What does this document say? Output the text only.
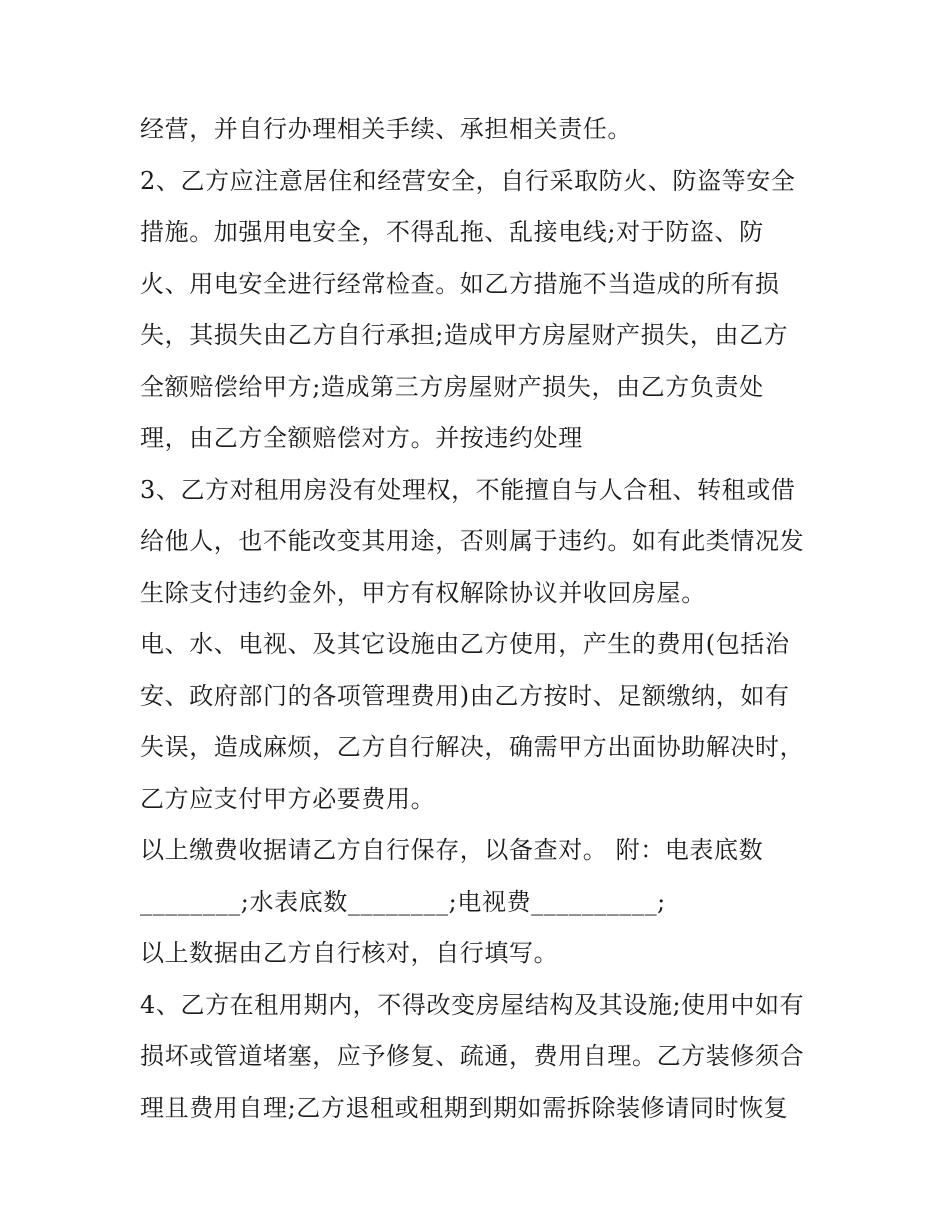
经营，并自行办理相关手续、承担相关责任。
2、乙方应注意居住和经营安全，自行采取防火、防盗等安全
措施。加强用电安全，不得乱拖、乱接电线;对于防盗、防
火、用电安全进行经常检查。如乙方措施不当造成的所有损
失，其损失由乙方自行承担;造成甲方房屋财产损失，由乙方
全额赔偿给甲方;造成第三方房屋财产损失，由乙方负责处
理，由乙方全额赔偿对方。并按违约处理
3、乙方对租用房没有处理权，不能擅自与人合租、转租或借
给他人，也不能改变其用途，否则属于违约。如有此类情况发
生除支付违约金外，甲方有权解除协议并收回房屋。
电、水、电视、及其它设施由乙方使用，产生的费用(包括治
安、政府部门的各项管理费用)由乙方按时、足额缴纳，如有
失误，造成麻烦，乙方自行解决，确需甲方出面协助解决时，
乙方应支付甲方必要费用。
以上缴费收据请乙方自行保存，以备查对。 附：电表底数
________;水表底数________;电视费__________;
以上数据由乙方自行核对，自行填写。
4、乙方在租用期内，不得改变房屋结构及其设施;使用中如有
损坏或管道堵塞，应予修复、疏通，费用自理。乙方装修须合
理且费用自理;乙方退租或租期到期如需拆除装修请同时恢复
